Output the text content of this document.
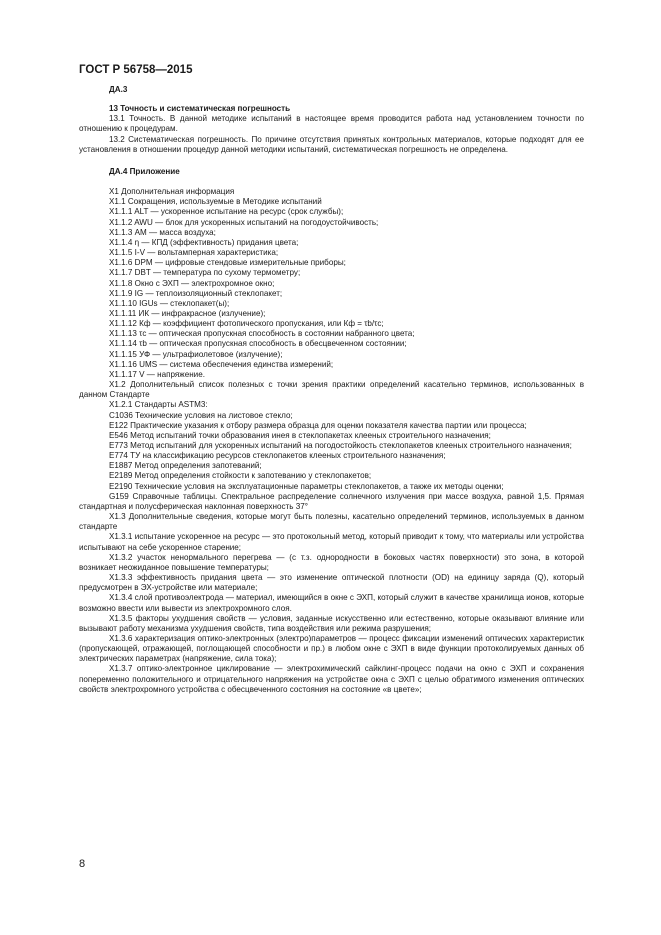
ГОСТ Р 56758—2015

ДА.3

13 Точность и систематическая погрешность

13.1 Точность. В данной методике испытаний в настоящее время проводится работа над установлением точности по отношению к процедурам.

13.2 Систематическая погрешность. По причине отсутствия принятых контрольных материалов, которые подходят для ее установления в отношении процедур данной методики испытаний, систематическая погрешность не определена.

ДА.4 Приложение

X1 Дополнительная информация

X1.1 Сокращения, используемые в Методике испытаний

X1.1.1 ALT — ускоренное испытание на ресурс (срок службы);

X1.1.2 AWU — блок для ускоренных испытаний на погодоустойчивость;

X1.1.3 АМ — масса воздуха;

X1.1.4 η — КПД (эффективность) придания цвета;

X1.1.5 I-V — вольтамперная характеристика;

X1.1.6 DPM — цифровые стендовые измерительные приборы;

X1.1.7 DBT — температура по сухому термометру;

X1.1.8 Окно с ЭХП — электрохромное окно;

X1.1.9 IG — теплоизоляционный стеклопакет;

X1.1.10 IGUs — стеклопакет(ы);

X1.1.11 ИК — инфракрасное (излучение);

X1.1.12 Кф — коэффициент фотопического пропускания, или Кф = τb/τc;

X1.1.13 τc — оптическая пропускная способность в состоянии набранного цвета;

X1.1.14 τb — оптическая пропускная способность в обесцвеченном состоянии;

X1.1.15 УФ — ультрафиолетовое (излучение);

X1.1.16 UMS — система обеспечения единства измерений;

X1.1.17 V — напряжение.

X1.2 Дополнительный список полезных с точки зрения практики определений касательно терминов, использованных в данном Стандарте

X1.2.1 Стандарты ASTM3:

C1036 Технические условия на листовое стекло;

E122 Практические указания к отбору размера образца для оценки показателя качества партии или процесса;

E546 Метод испытаний точки образования инея в стеклопакетах клееных строительного назначения;

E773 Метод испытаний для ускоренных испытаний на погодостойкость стеклопакетов клееных строительного назначения;

E774 ТУ на классификацию ресурсов стеклопакетов клееных строительного назначения;

E1887 Метод определения запотеваний;

E2189 Метод определения стойкости к запотеванию у стеклопакетов;

E2190 Технические условия на эксплуатационные параметры стеклопакетов, а также их методы оценки;

G159 Справочные таблицы. Спектральное распределение солнечного излучения при массе воздуха, равной 1,5. Прямая стандартная и полусферическая наклонная поверхность 37°

X1.3 Дополнительные сведения, которые могут быть полезны, касательно определений терминов, используемых в данном стандарте

X1.3.1 испытание ускоренное на ресурс — это протокольный метод, который приводит к тому, что материалы или устройства испытывают на себе ускоренное старение;

X1.3.2 участок ненормального перегрева — (с т.з. однородности в боковых частях поверхности) это зона, в которой возникает неожиданное повышение температуры;

X1.3.3 эффективность придания цвета — это изменение оптической плотности (OD) на единицу заряда (Q), который предусмотрен в ЭХ-устройстве или материале;

X1.3.4 слой противоэлектрода — материал, имеющийся в окне с ЭХП, который служит в качестве хранилища ионов, которые возможно ввести или вывести из электрохромного слоя.

X1.3.5 факторы ухудшения свойств — условия, заданные искусственно или естественно, которые оказывают влияние или вызывают работу механизма ухудшения свойств, типа воздействия или режима разрушения;

X1.3.6 характеризация оптико-электронных (электро)параметров — процесс фиксации изменений оптических характеристик (пропускающей, отражающей, поглощающей способности и пр.) в любом окне с ЭХП в виде функции протоколируемых данных об электрических параметрах (напряжение, сила тока);

X1.3.7 оптико-электронное циклирование — электрохимический сайклинг-процесс подачи на окно с ЭХП и сохранения попеременно положительного и отрицательного напряжения на устройстве окна с ЭХП с целью обратимого изменения оптических свойств электрохромного устройства с обесцвеченного состояния на состояние «в цвете»;

8
